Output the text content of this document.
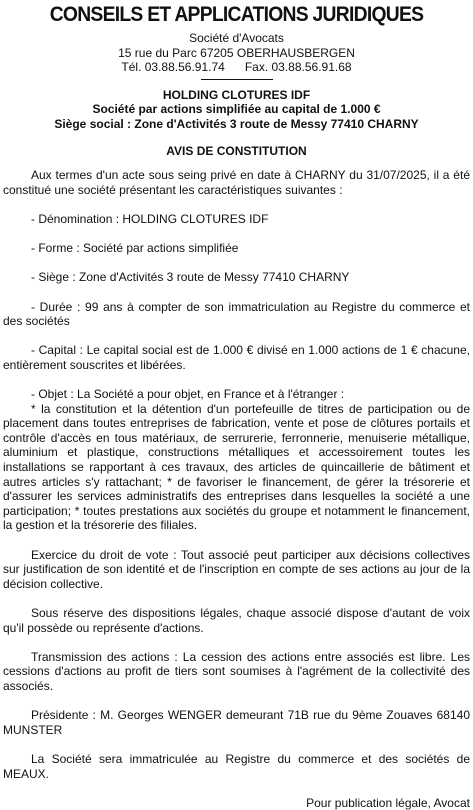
CONSEILS ET APPLICATIONS JURIDIQUES
Société d'Avocats
15 rue du Parc 67205 OBERHAUSBERGEN
Tél. 03.88.56.91.74      Fax. 03.88.56.91.68
HOLDING CLOTURES IDF
Société par actions simplifiée au capital de 1.000 €
Siège social : Zone d'Activités 3 route de Messy 77410 CHARNY
AVIS DE CONSTITUTION

Aux termes d'un acte sous seing privé en date à CHARNY du 31/07/2025, il a été constitué une société présentant les caractéristiques suivantes :

- Dénomination : HOLDING CLOTURES IDF

- Forme : Société par actions simplifiée

- Siège : Zone d'Activités 3 route de Messy 77410 CHARNY

- Durée : 99 ans à compter de son immatriculation au Registre du commerce et des sociétés

- Capital : Le capital social est de 1.000 € divisé en 1.000 actions de 1 € chacune, entièrement souscrites et libérées.

- Objet : La Société a pour objet, en France et à l'étranger :

* la constitution et la détention d'un portefeuille de titres de participation ou de placement dans toutes entreprises de fabrication, vente et pose de clôtures portails et contrôle d'accès en tous matériaux, de serrurerie, ferronnerie, menuiserie métallique, aluminium et plastique, constructions métalliques et accessoirement toutes les installations se rapportant à ces travaux, des articles de quincaillerie de bâtiment et autres articles s'y rattachant; * de favoriser le financement, de gérer la trésorerie et d'assurer les services administratifs des entreprises dans lesquelles la société a une participation; * toutes prestations aux sociétés du groupe et notamment le financement, la gestion et la trésorerie des filiales.

Exercice du droit de vote : Tout associé peut participer aux décisions collectives sur justification de son identité et de l'inscription en compte de ses actions au jour de la décision collective.

Sous réserve des dispositions légales, chaque associé dispose d'autant de voix qu'il possède ou représente d'actions.

Transmission des actions : La cession des actions entre associés est libre. Les cessions d'actions au profit de tiers sont soumises à l'agrément de la collectivité des associés.

Présidente : M. Georges WENGER demeurant 71B rue du 9ème Zouaves 68140 MUNSTER

La Société sera immatriculée au Registre du commerce et des sociétés de MEAUX.

Pour publication légale, Avocat
